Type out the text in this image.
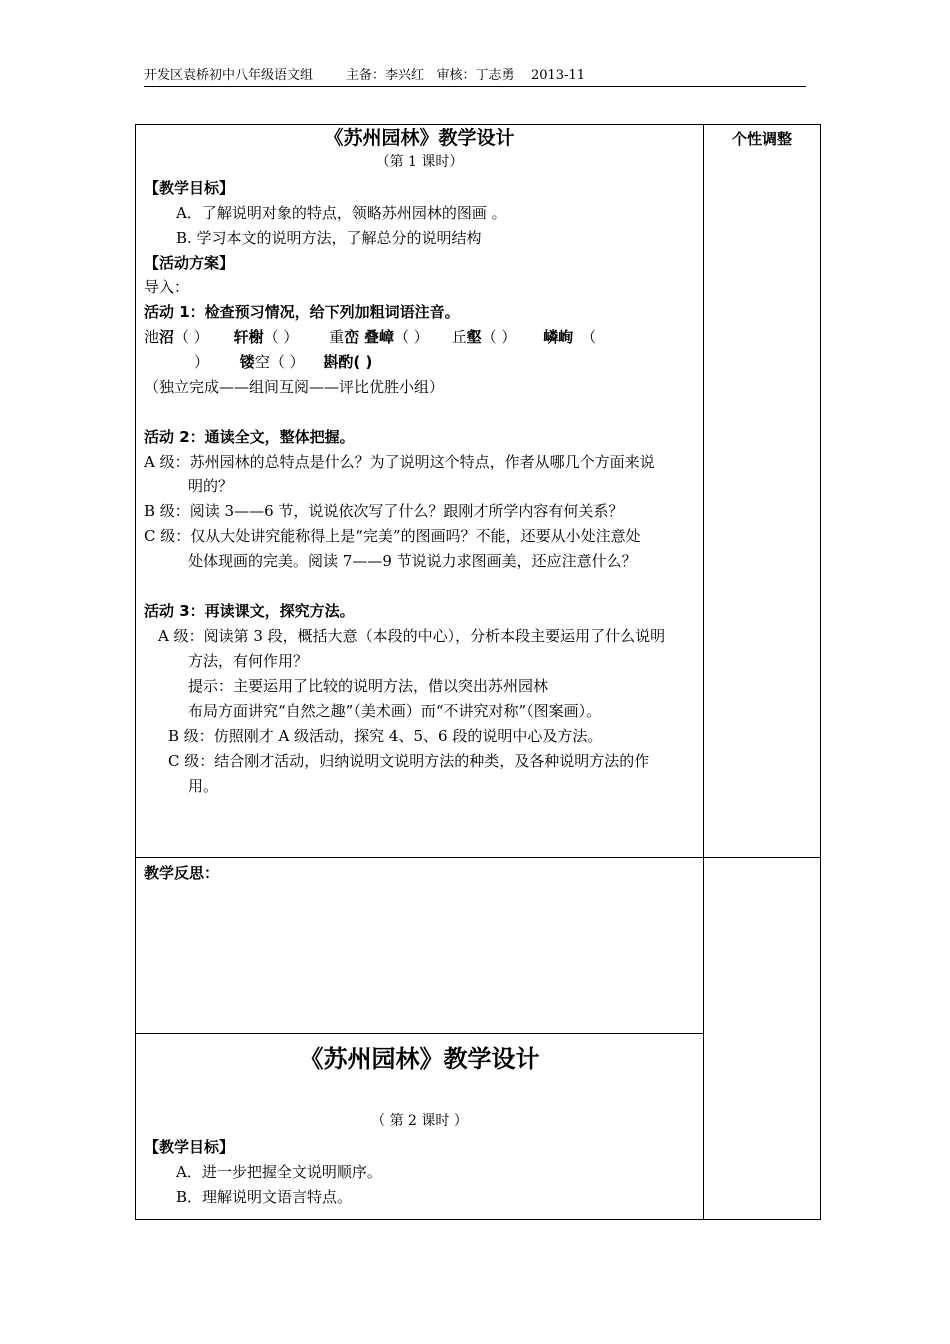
开发区袁桥初中八年级语文组        主备：李兴红   审核：丁志勇    2013-11
《苏州园林》教学设计
（第 1 课时）
个性调整
【教学目标】
A．了解说明对象的特点，领略苏州园林的图画 。
B. 学习本文的说明方法，了解总分的说明结构
【活动方案】
导入：
活动 1：检查预习情况，给下列加粗词语注音。
池沼（ ） 轩榭（ ） 重峦 叠嶂（ ） 丘壑（ ） 嶙峋 （
） 镂空（ ） 斟酌( )
（独立完成——组间互阅——评比优胜小组）
活动 2：通读全文，整体把握。
A 级：苏州园林的总特点是什么？为了说明这个特点，作者从哪几个方面来说
明的？
B 级：阅读 3——6 节，说说依次写了什么？跟刚才所学内容有何关系？
C 级：仅从大处讲究能称得上是“完美”的图画吗？不能，还要从小处注意处
处体现画的完美。阅读 7——9 节说说力求图画美，还应注意什么？
活动 3：再读课文，探究方法。
A 级：阅读第 3 段，概括大意（本段的中心），分析本段主要运用了什么说明
方法，有何作用？
提示：主要运用了比较的说明方法，借以突出苏州园林
布局方面讲究“自然之趣”（美术画）而“不讲究对称”（图案画）。
B 级：仿照刚才 A 级活动，探究 4、5、6 段的说明中心及方法。
C 级：结合刚才活动，归纳说明文说明方法的种类，及各种说明方法的作
用。
教学反思：
《苏州园林》教学设计
（ 第 2 课时 ）
【教学目标】
A．进一步把握全文说明顺序。
B．理解说明文语言特点。
